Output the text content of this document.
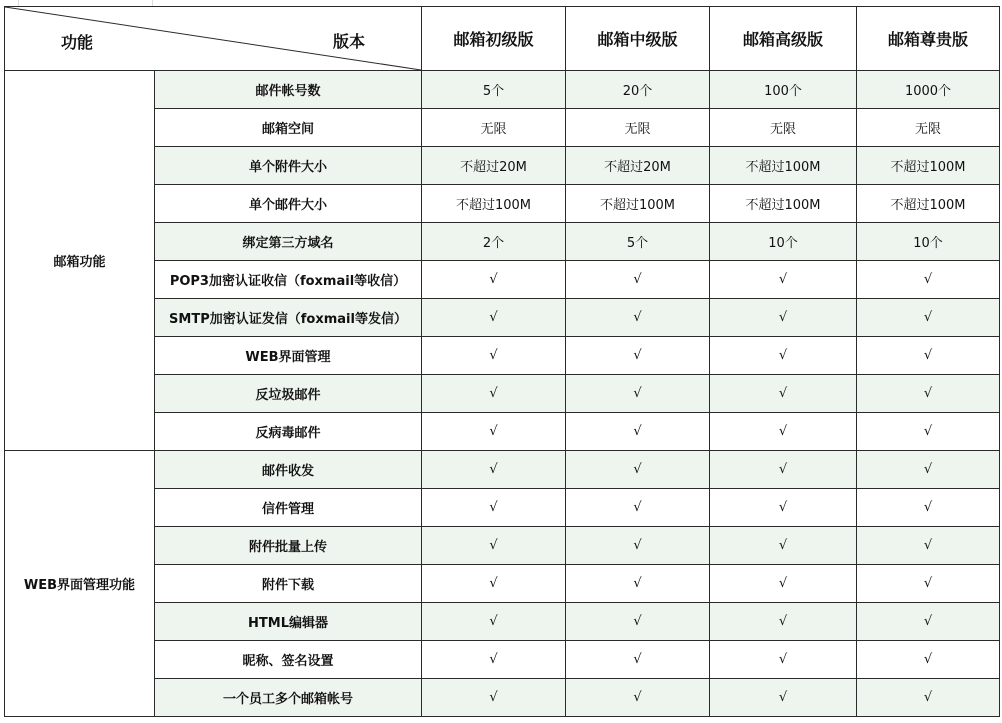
功能 版本		邮箱初级版	邮箱中级版	邮箱高级版	邮箱尊贵版
邮箱功能	邮件帐号数	5个	20个	100个	1000个
	邮箱空间	无限	无限	无限	无限
	单个附件大小	不超过20M	不超过20M	不超过100M	不超过100M
	单个邮件大小	不超过100M	不超过100M	不超过100M	不超过100M
	绑定第三方域名	2个	5个	10个	10个
	POP3加密认证收信（foxmail等收信）	√	√	√	√
	SMTP加密认证发信（foxmail等发信）	√	√	√	√
	WEB界面管理	√	√	√	√
	反垃圾邮件	√	√	√	√
	反病毒邮件	√	√	√	√
WEB界面管理功能	邮件收发	√	√	√	√
	信件管理	√	√	√	√
	附件批量上传	√	√	√	√
	附件下载	√	√	√	√
	HTML编辑器	√	√	√	√
	昵称、签名设置	√	√	√	√
	一个员工多个邮箱帐号	√	√	√	√
